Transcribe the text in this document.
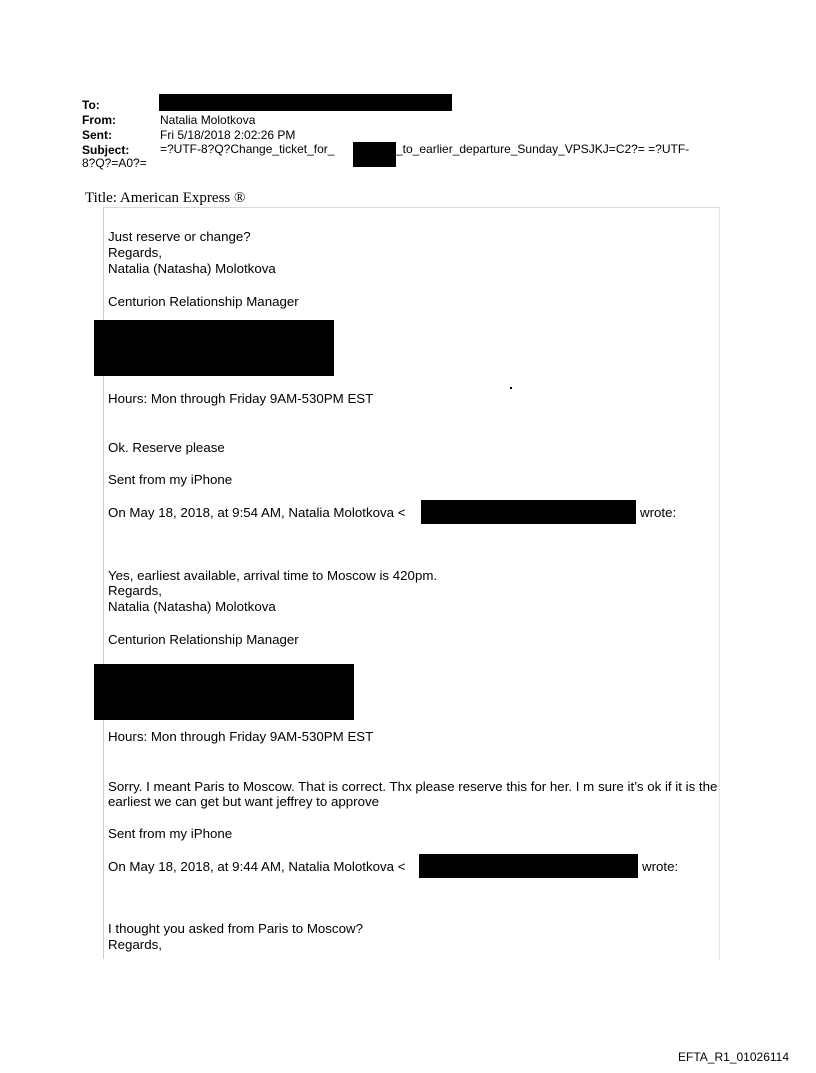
To:
From:	Natalia Molotkova
Sent:	Fri 5/18/2018 2:02:26 PM
Subject:	=?UTF-8?Q?Change_ticket_for_	_to_earlier_departure_Sunday_VPSJKJ=C2?= =?UTF-
8?Q?=A0?=
Title: American Express ®
Just reserve or change?
Regards,
Natalia (Natasha) Molotkova
Centurion Relationship Manager
Hours: Mon through Friday 9AM-530PM EST
Ok. Reserve please
Sent from my iPhone
On May 18, 2018, at 9:54 AM, Natalia Molotkova <	wrote:
Yes, earliest available, arrival time to Moscow is 420pm.
Regards,
Natalia (Natasha) Molotkova
Centurion Relationship Manager
Hours: Mon through Friday 9AM-530PM EST
Sorry. I meant Paris to Moscow. That is correct. Thx please reserve this for her. I m sure it’s ok if it is the earliest we can get but want jeffrey to approve
Sent from my iPhone
On May 18, 2018, at 9:44 AM, Natalia Molotkova <	wrote:
I thought you asked from Paris to Moscow?
Regards,
EFTA_R1_01026114
